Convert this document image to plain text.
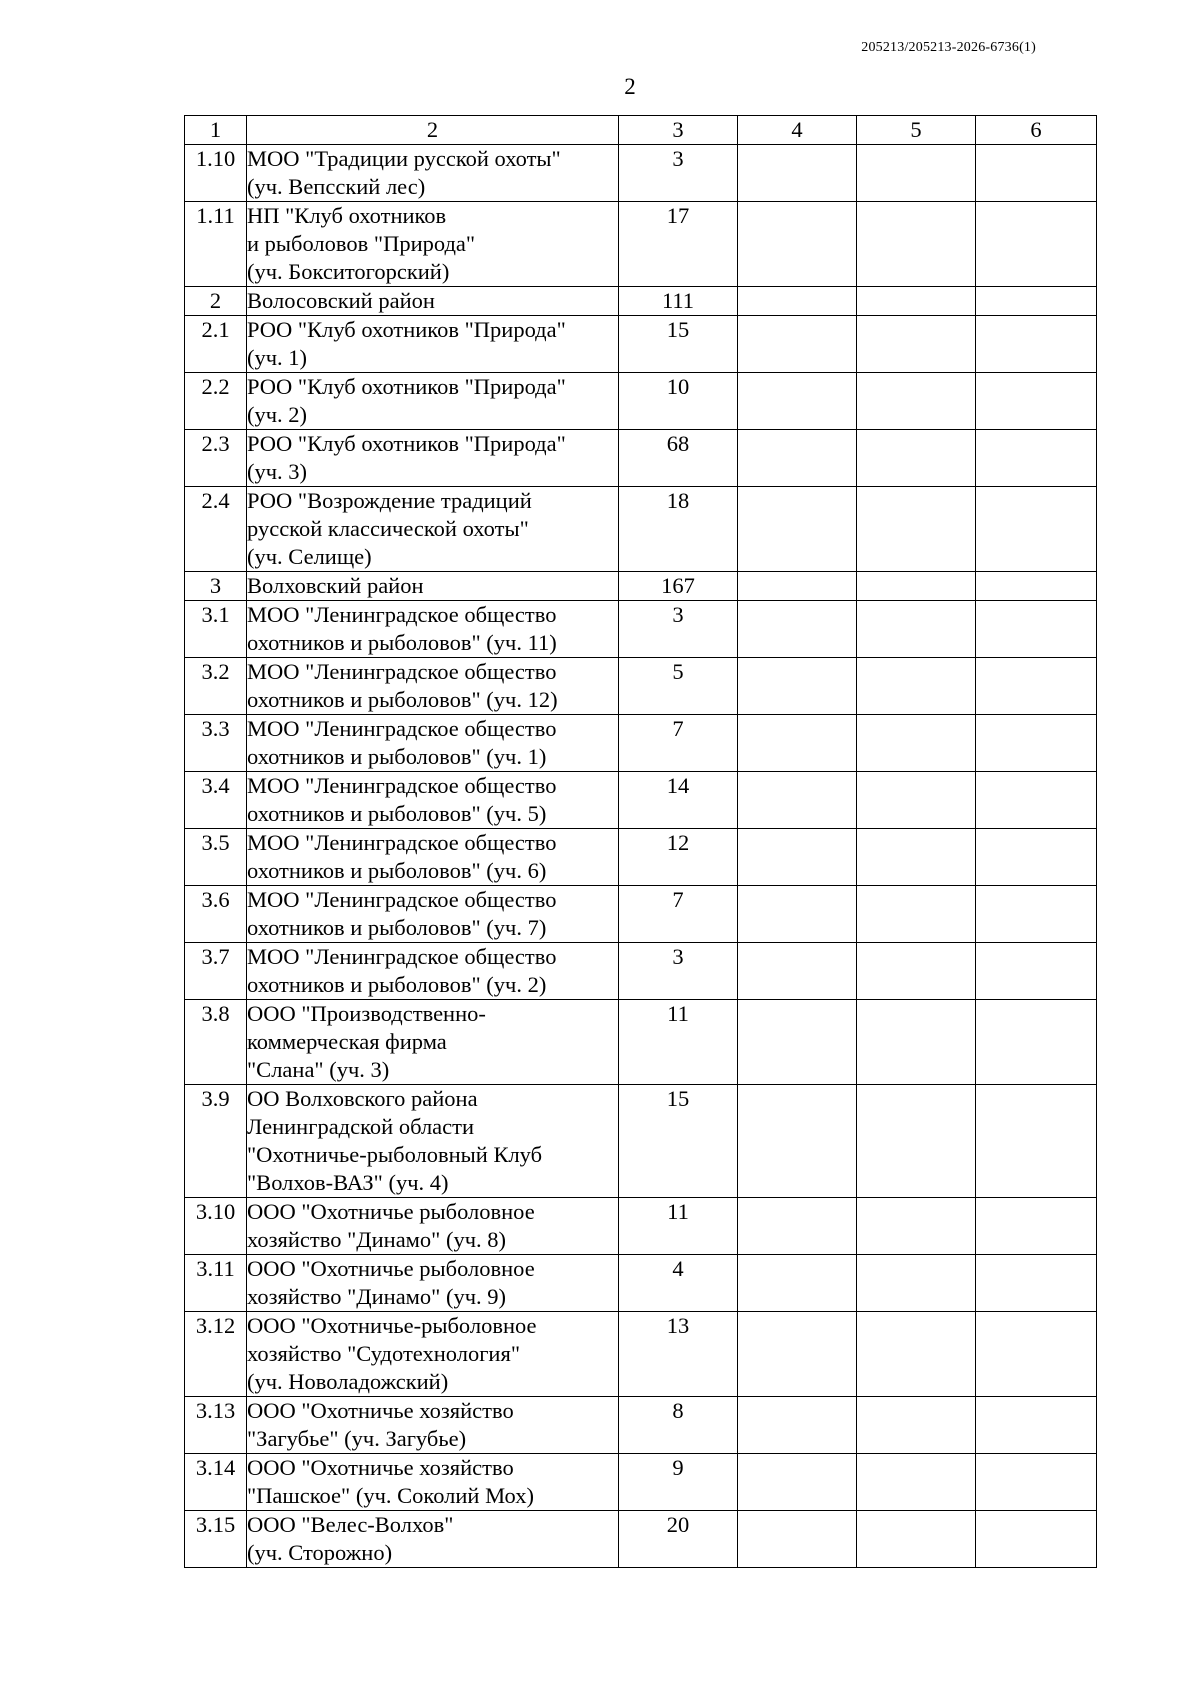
205213/205213-2026-6736(1)
2
1	2	3	4	5	6
1.10	МОО "Традиции русской охоты"
(уч. Вепсский лес)	3			
1.11	НП "Клуб охотников
и рыболовов "Природа"
(уч. Бокситогорский)	17			
2	Волосовский район	111			
2.1	РОО "Клуб охотников "Природа"
(уч. 1)	15			
2.2	РОО "Клуб охотников "Природа"
(уч. 2)	10			
2.3	РОО "Клуб охотников "Природа"
(уч. 3)	68			
2.4	РОО "Возрождение традиций
русской классической охоты"
(уч. Селище)	18			
3	Волховский район	167			
3.1	МОО "Ленинградское общество
охотников и рыболовов" (уч. 11)	3			
3.2	МОО "Ленинградское общество
охотников и рыболовов" (уч. 12)	5			
3.3	МОО "Ленинградское общество
охотников и рыболовов" (уч. 1)	7			
3.4	МОО "Ленинградское общество
охотников и рыболовов" (уч. 5)	14			
3.5	МОО "Ленинградское общество
охотников и рыболовов" (уч. 6)	12			
3.6	МОО "Ленинградское общество
охотников и рыболовов" (уч. 7)	7			
3.7	МОО "Ленинградское общество
охотников и рыболовов" (уч. 2)	3			
3.8	ООО "Производственно-
коммерческая фирма
"Слана" (уч. 3)	11			
3.9	ОО Волховского района
Ленинградской области
"Охотничье-рыболовный Клуб
"Волхов-ВАЗ" (уч. 4)	15			
3.10	ООО "Охотничье рыболовное
хозяйство "Динамо" (уч. 8)	11			
3.11	ООО "Охотничье рыболовное
хозяйство "Динамо" (уч. 9)	4			
3.12	ООО "Охотничье-рыболовное
хозяйство "Судотехнология"
(уч. Новоладожский)	13			
3.13	ООО "Охотничье хозяйство
"Загубье" (уч. Загубье)	8			
3.14	ООО "Охотничье хозяйство
"Пашское" (уч. Соколий Мох)	9			
3.15	ООО "Велес-Волхов"
(уч. Сторожно)	20			
